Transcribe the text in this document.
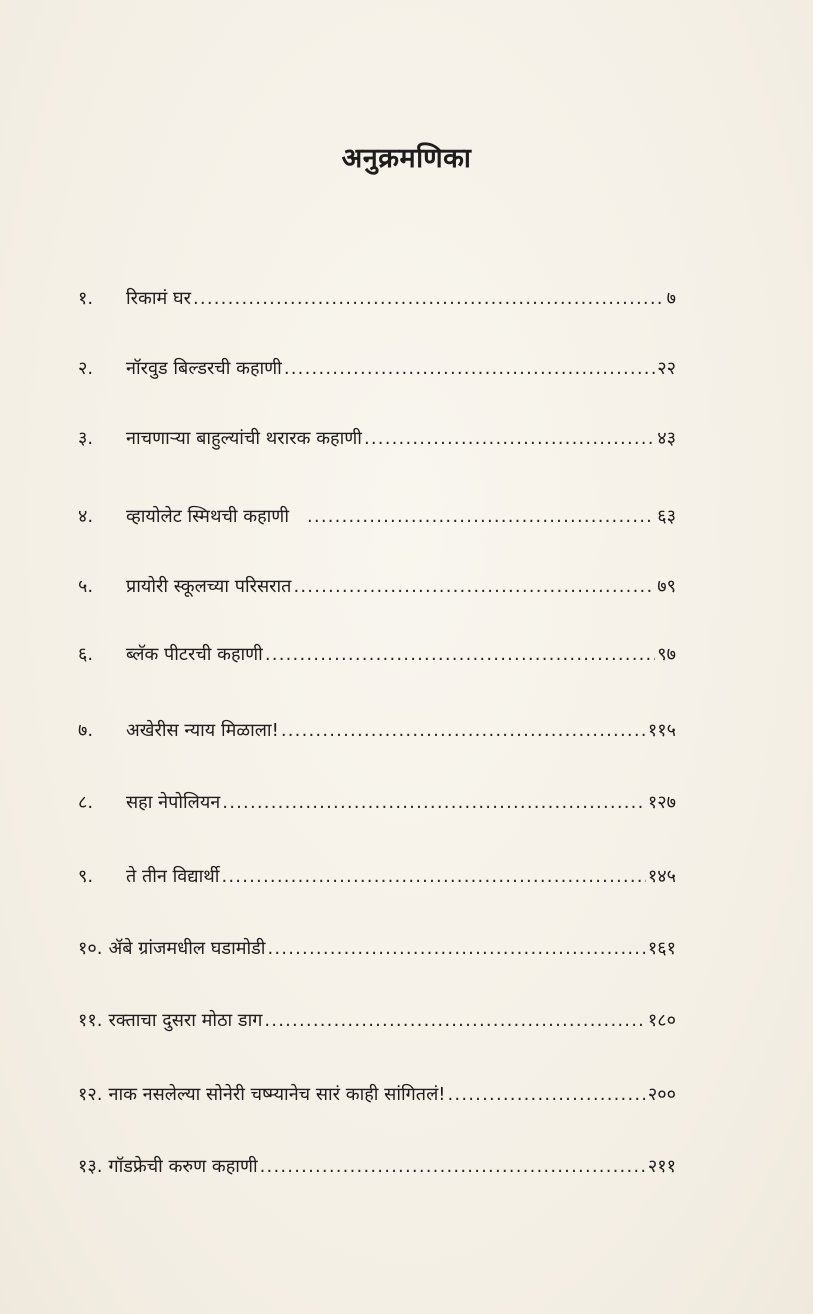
अनुक्रमणिका
१.	रिकामं घर .....	७
२.	नॉरवुड बिल्डरची कहाणी .....	२२
३.	नाचणाऱ्या बाहुल्यांची थरारक कहाणी .....	४३
४.	व्हायोलेट स्मिथची कहाणी .....	६३
५.	प्रायोरी स्कूलच्या परिसरात .....	७९
६.	ब्लॅक पीटरची कहाणी .....	९७
७.	अखेरीस न्याय मिळाला! .....	११५
८.	सहा नेपोलियन .....	१२७
९.	ते तीन विद्यार्थी .....	१४५
१०. ॲबे ग्रांजमधील घडामोडी .....	१६१
११. रक्ताचा दुसरा मोठा डाग .....	१८०
१२. नाक नसलेल्या सोनेरी चष्म्यानेच सारं काही सांगितलं! .....	२००
१३. गॉडफ्रेची करुण कहाणी .....	२११
